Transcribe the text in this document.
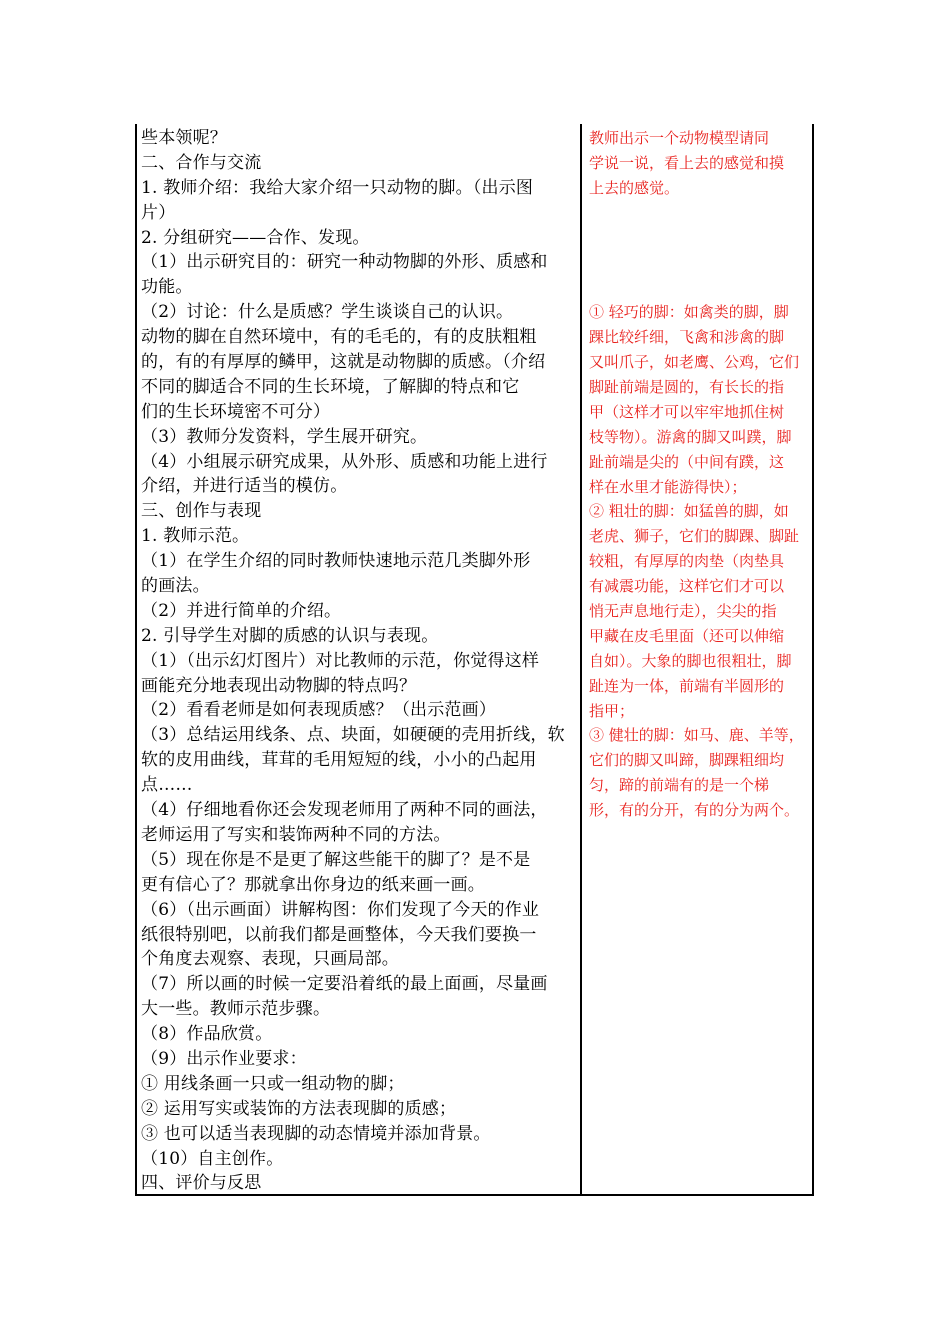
些本领呢？
二、合作与交流
1. 教师介绍：我给大家介绍一只动物的脚。（出示图
片）
2. 分组研究——合作、发现。
（1）出示研究目的：研究一种动物脚的外形、质感和
功能。
（2）讨论：什么是质感？学生谈谈自己的认识。
动物的脚在自然环境中，有的毛毛的，有的皮肤粗粗
的，有的有厚厚的鳞甲，这就是动物脚的质感。（介绍
不同的脚适合不同的生长环境，了解脚的特点和它
们的生长环境密不可分）
（3）教师分发资料，学生展开研究。
（4）小组展示研究成果，从外形、质感和功能上进行
介绍，并进行适当的模仿。
三、创作与表现
1. 教师示范。
（1）在学生介绍的同时教师快速地示范几类脚外形
的画法。
（2）并进行简单的介绍。
2. 引导学生对脚的质感的认识与表现。
（1）（出示幻灯图片）对比教师的示范，你觉得这样
画能充分地表现出动物脚的特点吗？
（2）看看老师是如何表现质感？（出示范画）
（3）总结运用线条、点、块面，如硬硬的壳用折线，软
软的皮用曲线，茸茸的毛用短短的线，小小的凸起用
点……
（4）仔细地看你还会发现老师用了两种不同的画法，
老师运用了写实和装饰两种不同的方法。
（5）现在你是不是更了解这些能干的脚了？是不是
更有信心了？那就拿出你身边的纸来画一画。
（6）（出示画面）讲解构图：你们发现了今天的作业
纸很特别吧，以前我们都是画整体，今天我们要换一
个角度去观察、表现，只画局部。
（7）所以画的时候一定要沿着纸的最上面画，尽量画
大一些。教师示范步骤。
（8）作品欣赏。
（9）出示作业要求：
① 用线条画一只或一组动物的脚；
② 运用写实或装饰的方法表现脚的质感；
③ 也可以适当表现脚的动态情境并添加背景。
（10）自主创作。
四、评价与反思
教师出示一个动物模型请同
学说一说，看上去的感觉和摸
上去的感觉。
① 轻巧的脚：如禽类的脚，脚
踝比较纤细，飞禽和涉禽的脚
又叫爪子，如老鹰、公鸡，它们
脚趾前端是圆的，有长长的指
甲（这样才可以牢牢地抓住树
枝等物）。游禽的脚又叫蹼，脚
趾前端是尖的（中间有蹼，这
样在水里才能游得快）；
② 粗壮的脚：如猛兽的脚，如
老虎、狮子，它们的脚踝、脚趾
较粗，有厚厚的肉垫（肉垫具
有减震功能，这样它们才可以
悄无声息地行走），尖尖的指
甲藏在皮毛里面（还可以伸缩
自如）。大象的脚也很粗壮，脚
趾连为一体，前端有半圆形的
指甲；
③ 健壮的脚：如马、鹿、羊等，
它们的脚又叫蹄，脚踝粗细均
匀，蹄的前端有的是一个梯
形，有的分开，有的分为两个。
